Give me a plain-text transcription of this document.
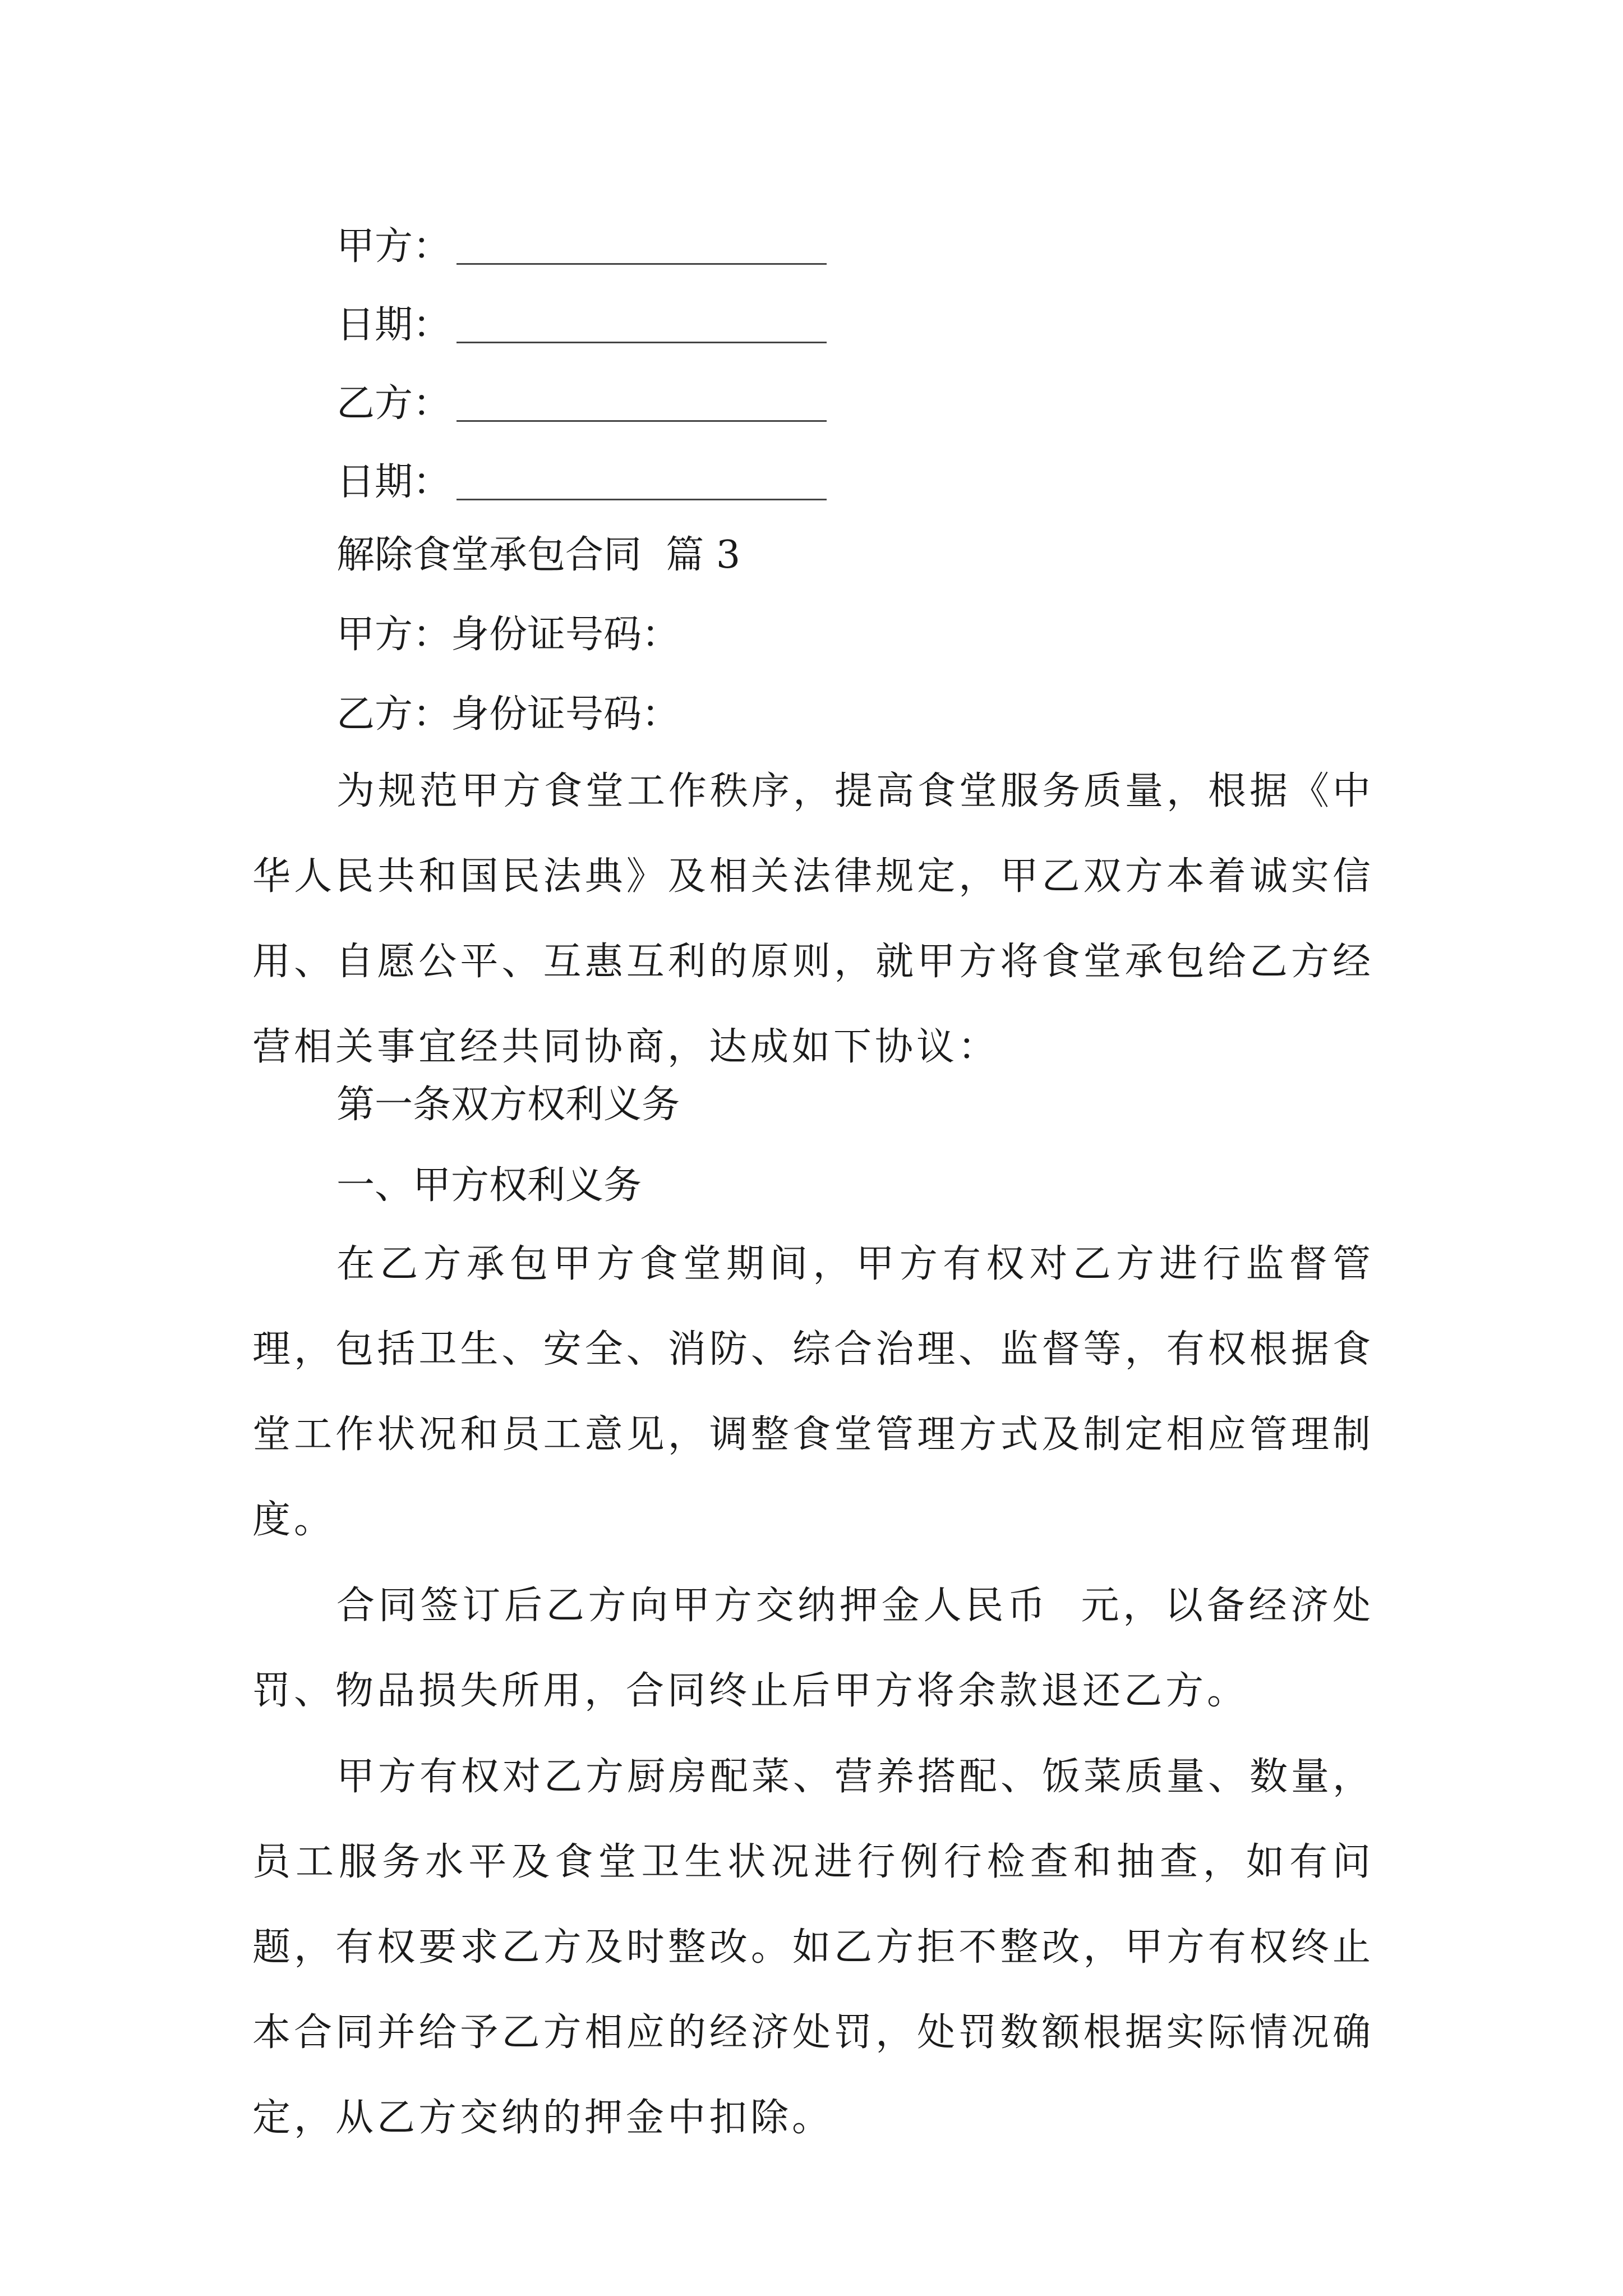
甲方：
日期：
乙方：
日期：
解除食堂承包合同  篇 3
甲方：身份证号码：
乙方：身份证号码：

为规范甲方食堂工作秩序，提高食堂服务质量，根据《中华人民共和国民法典》及相关法律规定，甲乙双方本着诚实信用、自愿公平、互惠互利的原则，就甲方将食堂承包给乙方经营相关事宜经共同协商，达成如下协议：

第一条双方权利义务
一、甲方权利义务

在乙方承包甲方食堂期间，甲方有权对乙方进行监督管理，包括卫生、安全、消防、综合治理、监督等，有权根据食堂工作状况和员工意见，调整食堂管理方式及制定相应管理制度。

合同签订后乙方向甲方交纳押金人民币  元，以备经济处罚、物品损失所用，合同终止后甲方将余款退还乙方。

甲方有权对乙方厨房配菜、营养搭配、饭菜质量、数量，员工服务水平及食堂卫生状况进行例行检查和抽查，如有问题，有权要求乙方及时整改。如乙方拒不整改，甲方有权终止本合同并给予乙方相应的经济处罚，处罚数额根据实际情况确定，从乙方交纳的押金中扣除。
